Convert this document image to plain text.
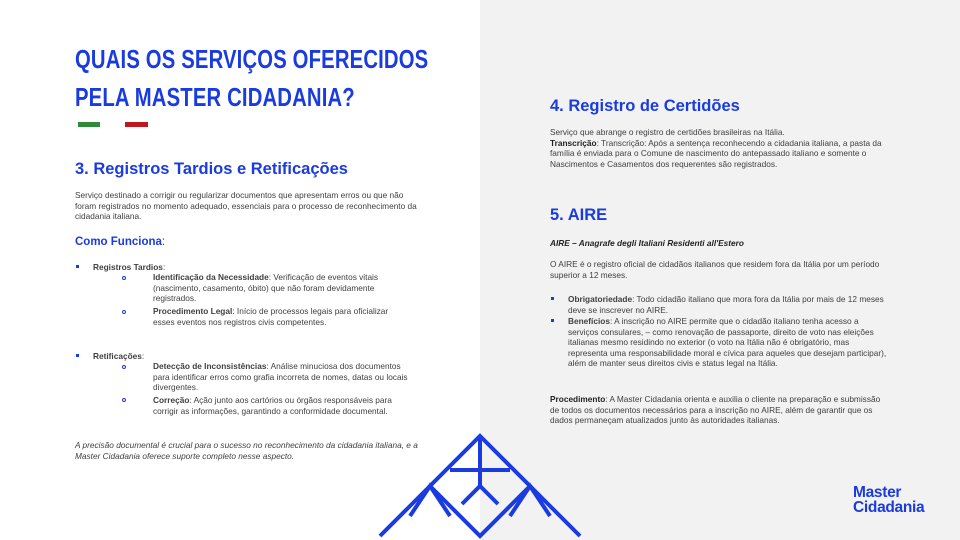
QUAIS OS SERVIÇOS OFERECIDOS
PELA MASTER CIDADANIA?
3. Registros Tardios e Retificações
Serviço destinado a corrigir ou regularizar documentos que apresentam erros ou que não foram registrados no momento adequado, essenciais para o processo de reconhecimento da cidadania italiana.
Como Funciona:
Registros Tardios:
Identificação da Necessidade: Verificação de eventos vitais (nascimento, casamento, óbito) que não foram devidamente registrados.
Procedimento Legal: Início de processos legais para oficializar esses eventos nos registros civis competentes.
Retificações:
Detecção de Inconsistências: Análise minuciosa dos documentos para identificar erros como grafia incorreta de nomes, datas ou locais divergentes.
Correção: Ação junto aos cartórios ou órgãos responsáveis para corrigir as informações, garantindo a conformidade documental.
A precisão documental é crucial para o sucesso no reconhecimento da cidadania italiana, e a Master Cidadania oferece suporte completo nesse aspecto.
4. Registro de Certidões
Serviço que abrange o registro de certidões brasileiras na Itália.
Transcrição: Transcrição: Após a sentença reconhecendo a cidadania italiana, a pasta da família é enviada para o Comune de nascimento do antepassado italiano e somente o Nascimentos e Casamentos dos requerentes são registrados.
5. AIRE
AIRE – Anagrafe degli Italiani Residenti all'Estero
O AIRE é o registro oficial de cidadãos italianos que residem fora da Itália por um período superior a 12 meses.
Obrigatoriedade: Todo cidadão italiano que mora fora da Itália por mais de 12 meses deve se inscrever no AIRE.
Benefícios: A inscrição no AIRE permite que o cidadão italiano tenha acesso a serviços consulares, – como renovação de passaporte, direito de voto nas eleições italianas mesmo residindo no exterior (o voto na Itália não é obrigatório, mas representa uma responsabilidade moral e cívica para aqueles que desejam participar), além de manter seus direitos civis e status legal na Itália.
Procedimento: A Master Cidadania orienta e auxilia o cliente na preparação e submissão de todos os documentos necessários para a inscrição no AIRE, além de garantir que os dados permaneçam atualizados junto às autoridades italianas.
Master
Cidadania
